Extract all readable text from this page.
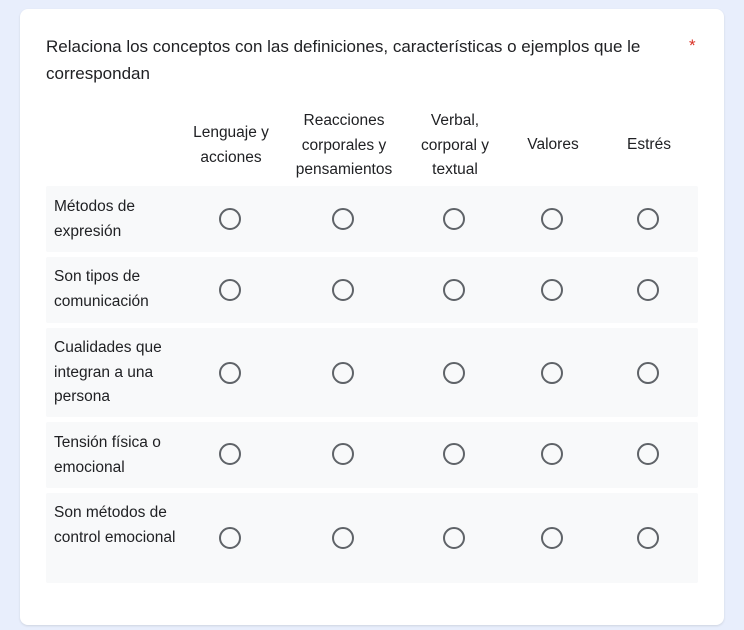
Relaciona los conceptos con las definiciones, características o ejemplos que le correspondan
*
Lenguaje y acciones
Reacciones corporales y pensamientos
Verbal, corporal y textual
Valores	Estrés
Métodos de expresión
Son tipos de comunicación
Cualidades que integran a una persona
Tensión física o emocional
Son métodos de control emocional
